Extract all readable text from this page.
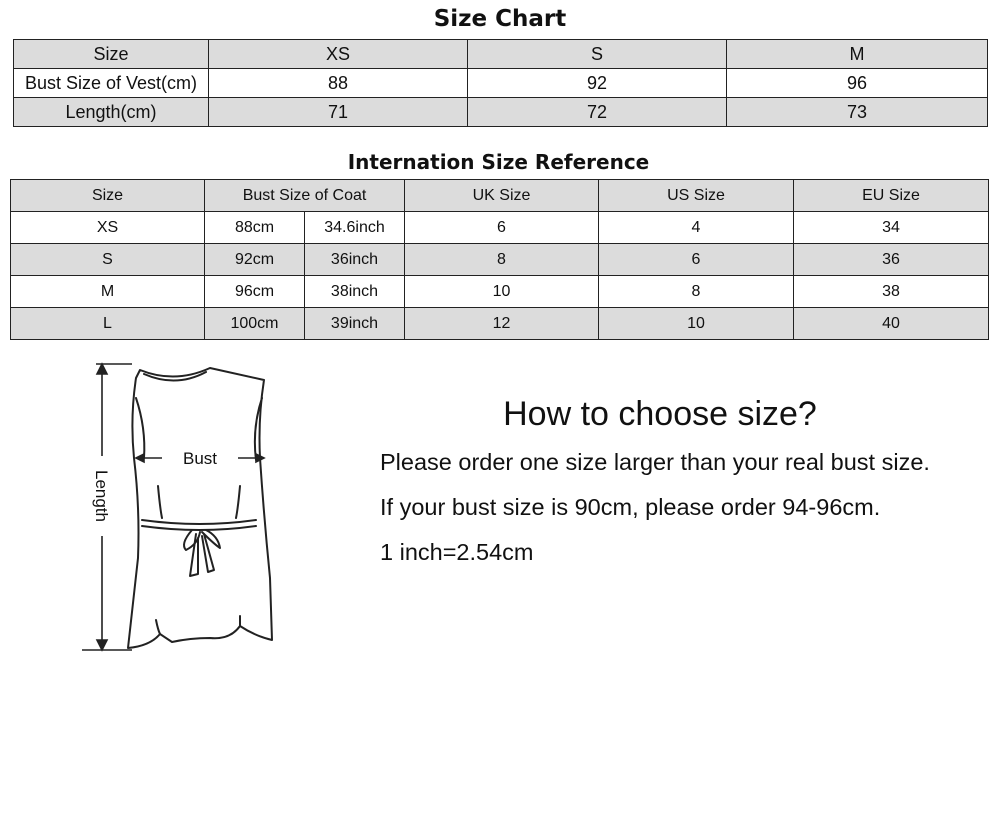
Size Chart
Size	XS	S	M
Bust Size of Vest(cm)	88	92	96
Length(cm)	71	72	73
Internation Size Reference
Size	Bust Size of Coat		UK Size	US Size	EU Size
XS	88cm	34.6inch	6	4	34
S	92cm	36inch	8	6	36
M	96cm	38inch	10	8	38
L	100cm	39inch	12	10	40
Bust
Length
How to choose size?
Please order one size larger than your real bust size.
If your bust size is 90cm, please order 94-96cm.
1 inch=2.54cm
